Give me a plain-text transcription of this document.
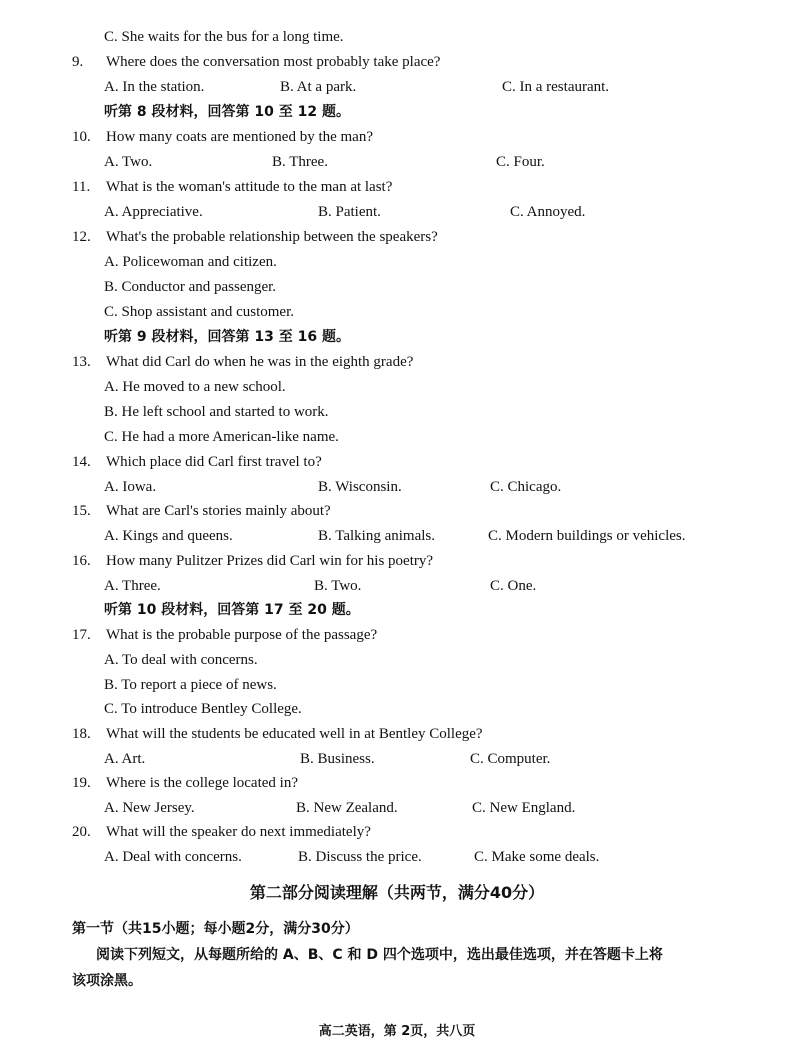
C. She waits for the bus for a long time.
9. Where does the conversation most probably take place?
A. In the station.	B. At a park.	C. In a restaurant.
听第 8 段材料，回答第 10 至 12 题。
10. How many coats are mentioned by the man?
A. Two.	B. Three.	C. Four.
11. What is the woman's attitude to the man at last?
A. Appreciative.	B. Patient.	C. Annoyed.
12. What's the probable relationship between the speakers?
A. Policewoman and citizen.
B. Conductor and passenger.
C. Shop assistant and customer.
听第 9 段材料，回答第 13 至 16 题。
13. What did Carl do when he was in the eighth grade?
A. He moved to a new school.
B. He left school and started to work.
C. He had a more American-like name.
14. Which place did Carl first travel to?
A. Iowa.	B. Wisconsin.	C. Chicago.
15. What are Carl's stories mainly about?
A. Kings and queens.	B. Talking animals.	C. Modern buildings or vehicles.
16. How many Pulitzer Prizes did Carl win for his poetry?
A. Three.	B. Two.	C. One.
听第 10 段材料，回答第 17 至 20 题。
17. What is the probable purpose of the passage?
A. To deal with concerns.
B. To report a piece of news.
C. To introduce Bentley College.
18. What will the students be educated well in at Bentley College?
A. Art.	B. Business.	C. Computer.
19. Where is the college located in?
A. New Jersey.	B. New Zealand.	C. New England.
20. What will the speaker do next immediately?
A. Deal with concerns.	B. Discuss the price.	C. Make some deals.
第二部分阅读理解（共两节，满分40分）
第一节（共15小题；每小题2分，满分30分）
阅读下列短文，从每题所给的 A、B、C 和 D 四个选项中，选出最佳选项，并在答题卡上将
该项涂黑。
高二英语，第 2页，共八页
